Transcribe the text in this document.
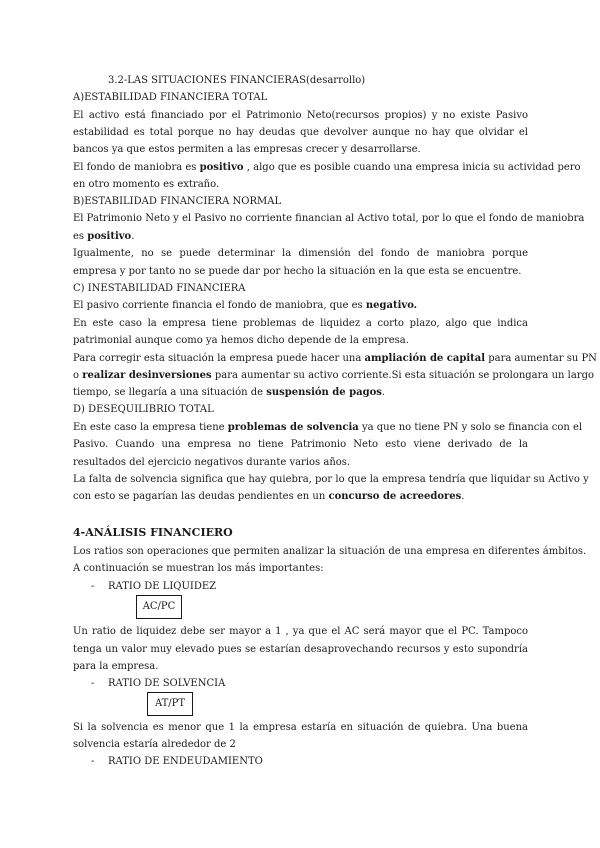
3.2-LAS SITUACIONES FINANCIERAS(desarrollo)
A)ESTABILIDAD FINANCIERA TOTAL
El activo está financiado por el Patrimonio Neto(recursos propios) y no existe Pasivo
estabilidad es total porque no hay deudas que devolver aunque no hay que olvidar el
bancos ya que estos permiten a las empresas crecer y desarrollarse.
El fondo de maniobra es positivo , algo que es posible cuando una empresa inicia su actividad pero
en otro momento es extraño.
B)ESTABILIDAD FINANCIERA NORMAL
El Patrimonio Neto y el Pasivo no corriente financian al Activo total, por lo que el fondo de maniobra
es positivo.
Igualmente, no se puede determinar la dimensión del fondo de maniobra porque
empresa y por tanto no se puede dar por hecho la situación en la que esta se encuentre.
C) INESTABILIDAD FINANCIERA
El pasivo corriente financia el fondo de maniobra, que es negativo.
En este caso la empresa tiene problemas de liquidez a corto plazo, algo que indica
patrimonial aunque como ya hemos dicho depende de la empresa.
Para corregir esta situación la empresa puede hacer una ampliación de capital para aumentar su PN
o realizar desinversiones para aumentar su activo corriente.Si esta situación se prolongara un largo
tiempo, se llegaría a una situación de suspensión de pagos.
D) DESEQUILIBRIO TOTAL
En este caso la empresa tiene problemas de solvencia ya que no tiene PN y solo se financia con el
Pasivo. Cuando una empresa no tiene Patrimonio Neto esto viene derivado de la
resultados del ejercicio negativos durante varios años.
La falta de solvencia significa que hay quiebra, por lo que la empresa tendría que liquidar su Activo y
con esto se pagarían las deudas pendientes en un concurso de acreedores.
4-ANÁLISIS FINANCIERO
Los ratios son operaciones que permiten analizar la situación de una empresa en diferentes ámbitos.
A continuación se muestran los más importantes:
- RATIO DE LIQUIDEZ
AC/PC
Un ratio de liquidez debe ser mayor a 1 , ya que el AC será mayor que el PC. Tampoco
tenga un valor muy elevado pues se estarían desaprovechando recursos y esto supondría
para la empresa.
- RATIO DE SOLVENCIA
AT/PT
Si la solvencia es menor que 1 la empresa estaría en situación de quiebra. Una buena
solvencia estaría alrededor de 2
- RATIO DE ENDEUDAMIENTO
